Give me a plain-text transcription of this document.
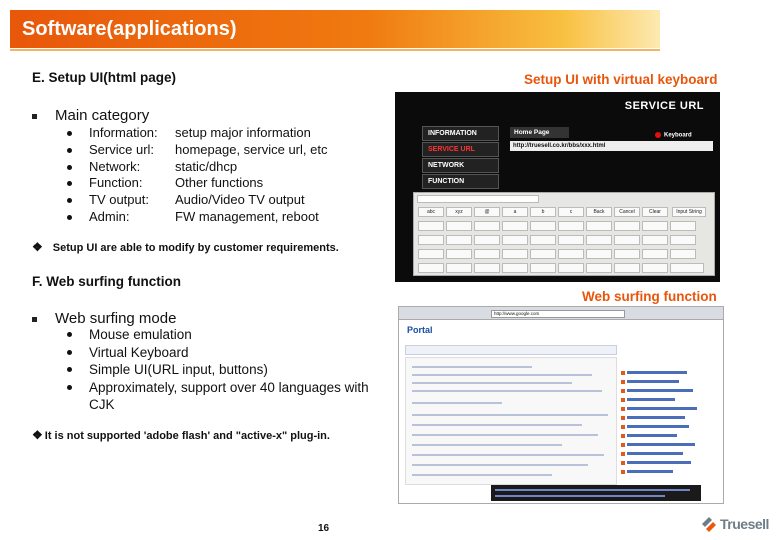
Software(applications)
E. Setup UI(html page)	Setup UI with virtual keyboard
Main category
Information: setup major information
Service url: homepage, service url, etc
Network:	static/dhcp
Function:	Other functions
TV output: Audio/Video TV output
Admin:	FW management, reboot
❖ Setup UI are able to modify by customer requirements.
SERVICE URL
INFORMATION
SERVICE URL
NETWORK
FUNCTION
Home Page	Keyboard
http://truesell.co.kr/bbs/xxx.html
abc	xyz	@	a	b	c	Back	Cancel	Clear	Input String
F. Web surfing function
Web surfing function
Web surfing mode
Mouse emulation
Virtual Keyboard
Simple UI(URL input, buttons)
Approximately, support over 40 languages with CJK
❖ It is not supported 'adobe flash' and "active-x" plug-in.
http://www.google.com
Portal
16	Truesell
